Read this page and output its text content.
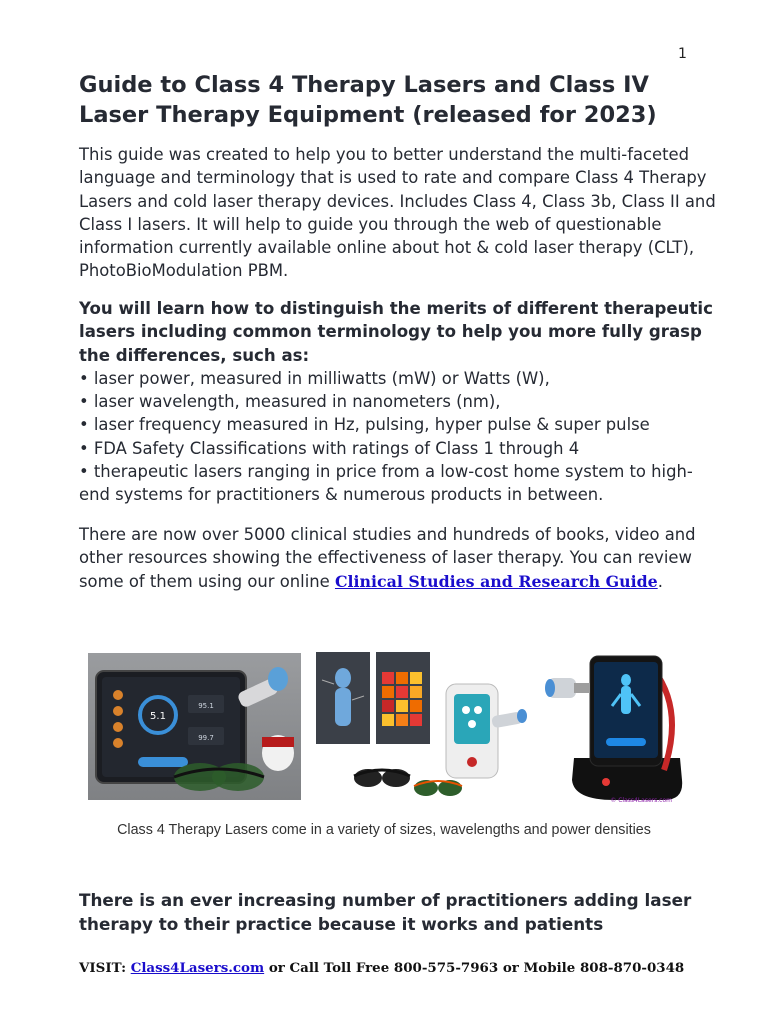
1
Guide to Class 4 Therapy Lasers and Class IV Laser Therapy Equipment (released for 2023)

This guide was created to help you to better understand the multi-faceted language and terminology that is used to rate and compare Class 4 Therapy Lasers and cold laser therapy devices. Includes Class 4, Class 3b, Class II and Class I lasers. It will help to guide you through the web of questionable information currently available online about hot & cold laser therapy (CLT), PhotoBioModulation PBM.

You will learn how to distinguish the merits of different therapeutic lasers including common terminology to help you more fully grasp the differences, such as:
• laser power, measured in milliwatts (mW) or Watts (W),
• laser wavelength, measured in nanometers (nm),
• laser frequency measured in Hz, pulsing, hyper pulse & super pulse
• FDA Safety Classifications with ratings of Class 1 through 4
• therapeutic lasers ranging in price from a low-cost home system to high-end systems for practitioners & numerous products in between.

There are now over 5000 clinical studies and hundreds of books, video and other resources showing the effectiveness of laser therapy. You can review some of them using our online Clinical Studies and Research Guide.

5.1
95.1
99.7
© Class4Lasers.com

Class 4 Therapy Lasers come in a variety of sizes, wavelengths and power densities

There is an ever increasing number of practitioners adding laser therapy to their practice because it works and patients

VISIT: Class4Lasers.com or Call Toll Free 800-575-7963 or Mobile 808-870-0348
